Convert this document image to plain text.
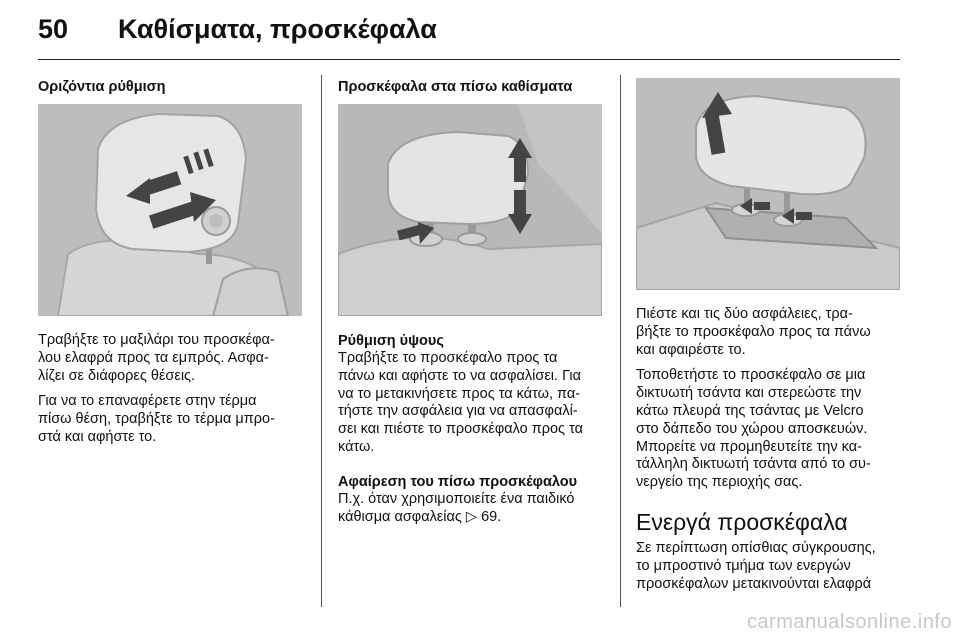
50 Καθίσματα, προσκέφαλα
Οριζόντια ρύθμιση
Τραβήξτε το μαξιλάρι του προσκέφα-
λου ελαφρά προς τα εμπρός. Ασφα-
λίζει σε διάφορες θέσεις.
Για να το επαναφέρετε στην τέρμα
πίσω θέση, τραβήξτε το τέρμα μπρο-
στά και αφήστε το.
Προσκέφαλα στα πίσω καθίσματα
Ρύθμιση ύψους
Τραβήξτε το προσκέφαλο προς τα
πάνω και αφήστε το να ασφαλίσει. Για
να το μετακινήσετε προς τα κάτω, πα-
τήστε την ασφάλεια για να απασφαλί-
σει και πιέστε το προσκέφαλο προς τα
κάτω.
Αφαίρεση του πίσω προσκέφαλου
Π.χ. όταν χρησιμοποιείτε ένα παιδικό
κάθισμα ασφαλείας ▷ 69.
Πιέστε και τις δύο ασφάλειες, τρα-
βήξτε το προσκέφαλο προς τα πάνω
και αφαιρέστε το.
Τοποθετήστε το προσκέφαλο σε μια
δικτυωτή τσάντα και στερεώστε την
κάτω πλευρά της τσάντας με Velcro
στο δάπεδο του χώρου αποσκευών.
Μπορείτε να προμηθευτείτε την κα-
τάλληλη δικτυωτή τσάντα από το συ-
νεργείο της περιοχής σας.
Ενεργά προσκέφαλα
Σε περίπτωση οπίσθιας σύγκρουσης,
το μπροστινό τμήμα των ενεργών
προσκέφαλων μετακινούνται ελαφρά
carmanualsonline.info
